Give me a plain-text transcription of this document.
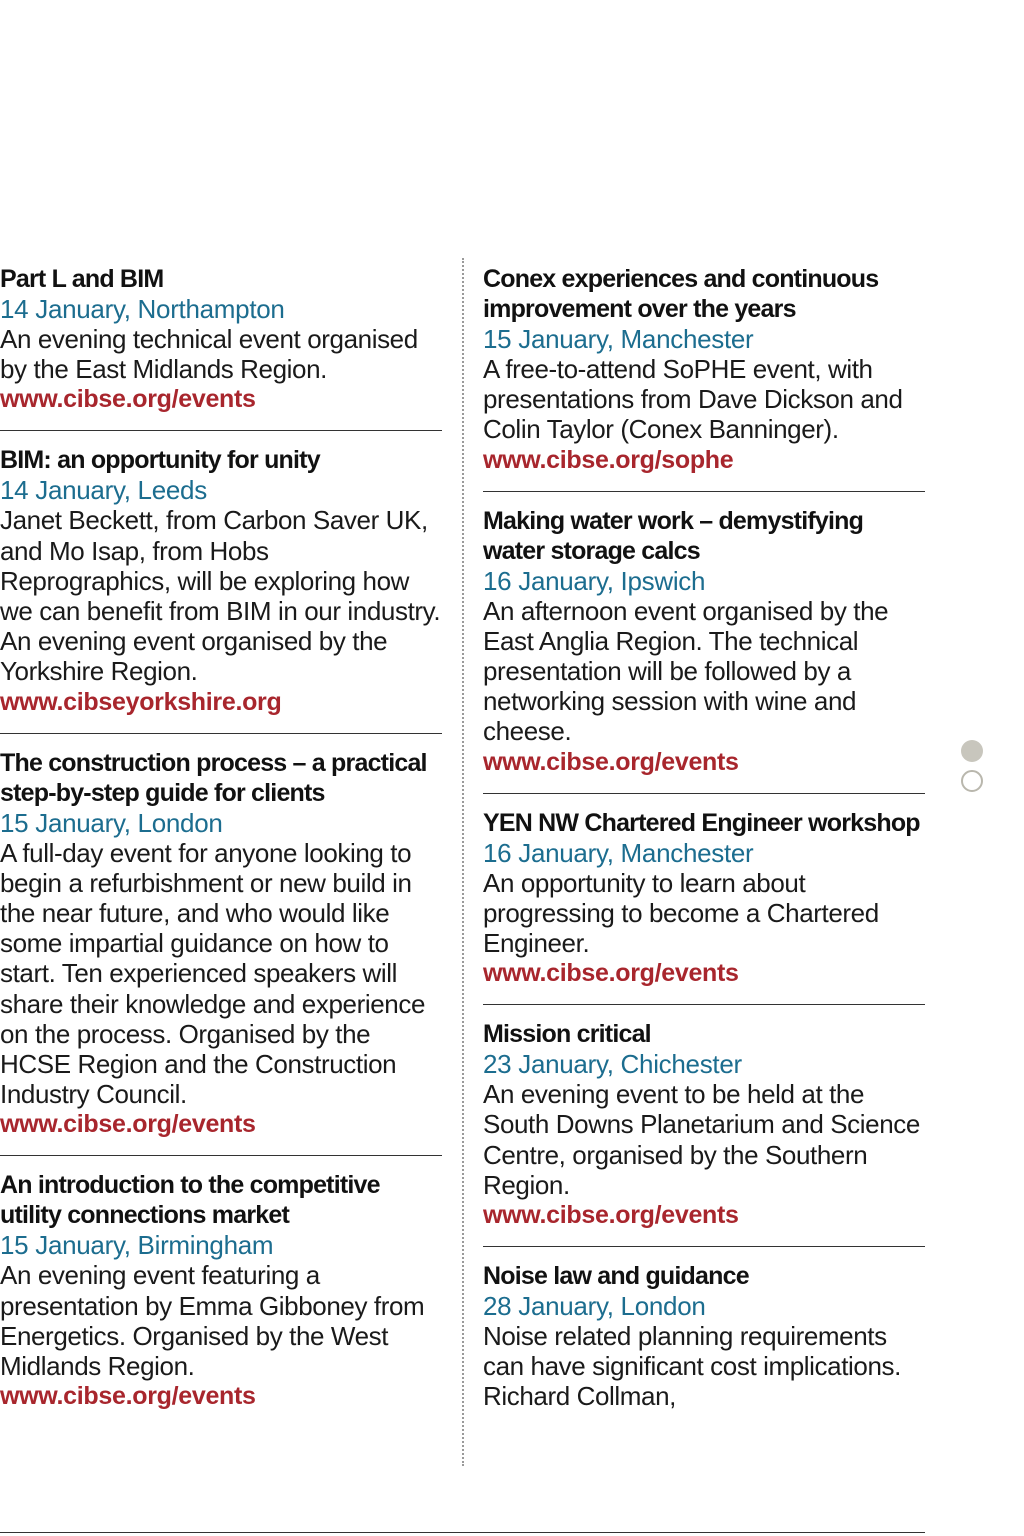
Part L and BIM
14 January, Northampton
An evening technical event organised by the East Midlands Region.
www.cibse.org/events
BIM: an opportunity for unity
14 January, Leeds
Janet Beckett, from Carbon Saver UK, and Mo Isap, from Hobs Reprographics, will be exploring how we can benefit from BIM in our industry. An evening event organised by the Yorkshire Region.
www.cibseyorkshire.org
The construction process – a practical step-by-step guide for clients
15 January, London
A full-day event for anyone looking to begin a refurbishment or new build in the near future, and who would like some impartial guidance on how to start. Ten experienced speakers will share their knowledge and experience on the process. Organised by the HCSE Region and the Construction Industry Council.
www.cibse.org/events
An introduction to the competitive utility connections market
15 January, Birmingham
An evening event featuring a presentation by Emma Gibboney from Energetics. Organised by the West Midlands Region.
www.cibse.org/events
Conex experiences and continuous improvement over the years
15 January, Manchester
A free-to-attend SoPHE event, with presentations from Dave Dickson and Colin Taylor (Conex Banninger).
www.cibse.org/sophe
Making water work – demystifying water storage calcs
16 January, Ipswich
An afternoon event organised by the East Anglia Region. The technical presentation will be followed by a networking session with wine and cheese.
www.cibse.org/events
YEN NW Chartered Engineer workshop
16 January, Manchester
An opportunity to learn about progressing to become a Chartered Engineer.
www.cibse.org/events
Mission critical
23 January, Chichester
An evening event to be held at the South Downs Planetarium and Science Centre, organised by the Southern Region.
www.cibse.org/events
Noise law and guidance
28 January, London
Noise related planning requirements can have significant cost implications. Richard Collman,
